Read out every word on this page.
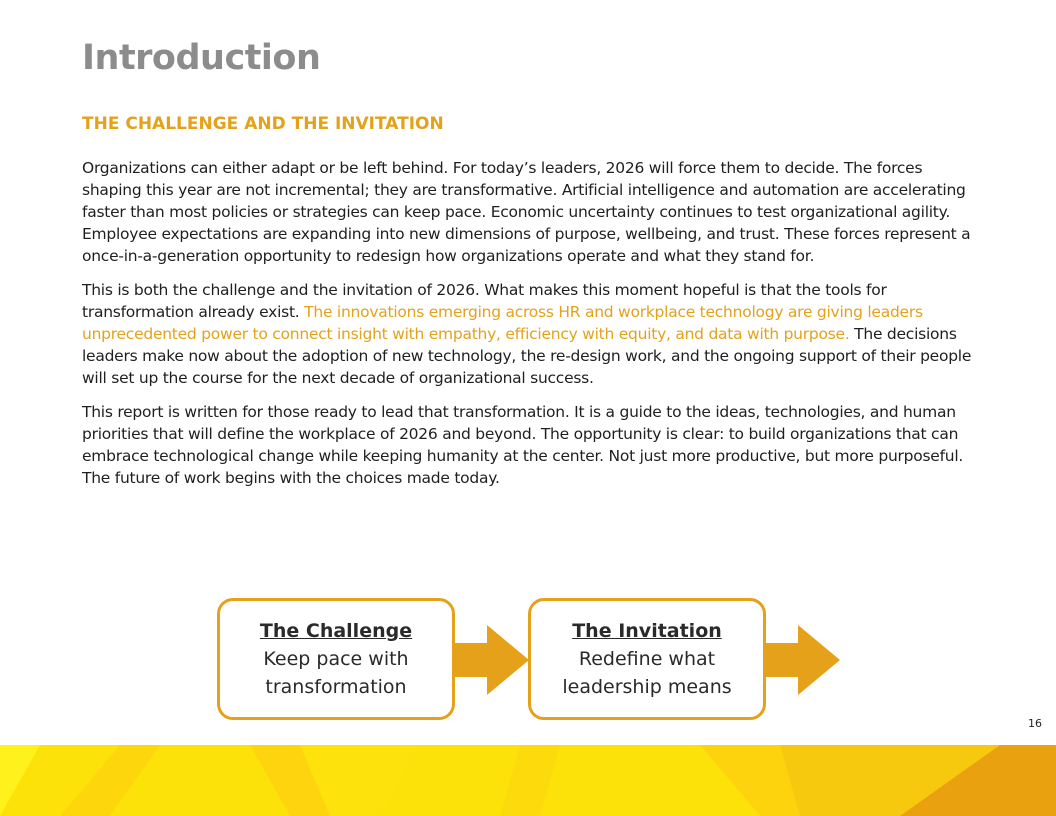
Introduction
THE CHALLENGE AND THE INVITATION

Organizations can either adapt or be left behind. For today’s leaders, 2026 will force them to decide. The forces shaping this year are not incremental; they are transformative. Artificial intelligence and automation are accelerating faster than most policies or strategies can keep pace. Economic uncertainty continues to test organizational agility. Employee expectations are expanding into new dimensions of purpose, wellbeing, and trust. These forces represent a once-in-a-generation opportunity to redesign how organizations operate and what they stand for.

This is both the challenge and the invitation of 2026. What makes this moment hopeful is that the tools for transformation already exist. The innovations emerging across HR and workplace technology are giving leaders unprecedented power to connect insight with empathy, efficiency with equity, and data with purpose. The decisions leaders make now about the adoption of new technology, the re-design work, and the ongoing support of their people will set up the course for the next decade of organizational success.

This report is written for those ready to lead that transformation. It is a guide to the ideas, technologies, and human priorities that will define the workplace of 2026 and beyond. The opportunity is clear: to build organizations that can embrace technological change while keeping humanity at the center. Not just more productive, but more purposeful. The future of work begins with the choices made today.

The Challenge
Keep pace with transformation
The Invitation
Redefine what leadership means
16
